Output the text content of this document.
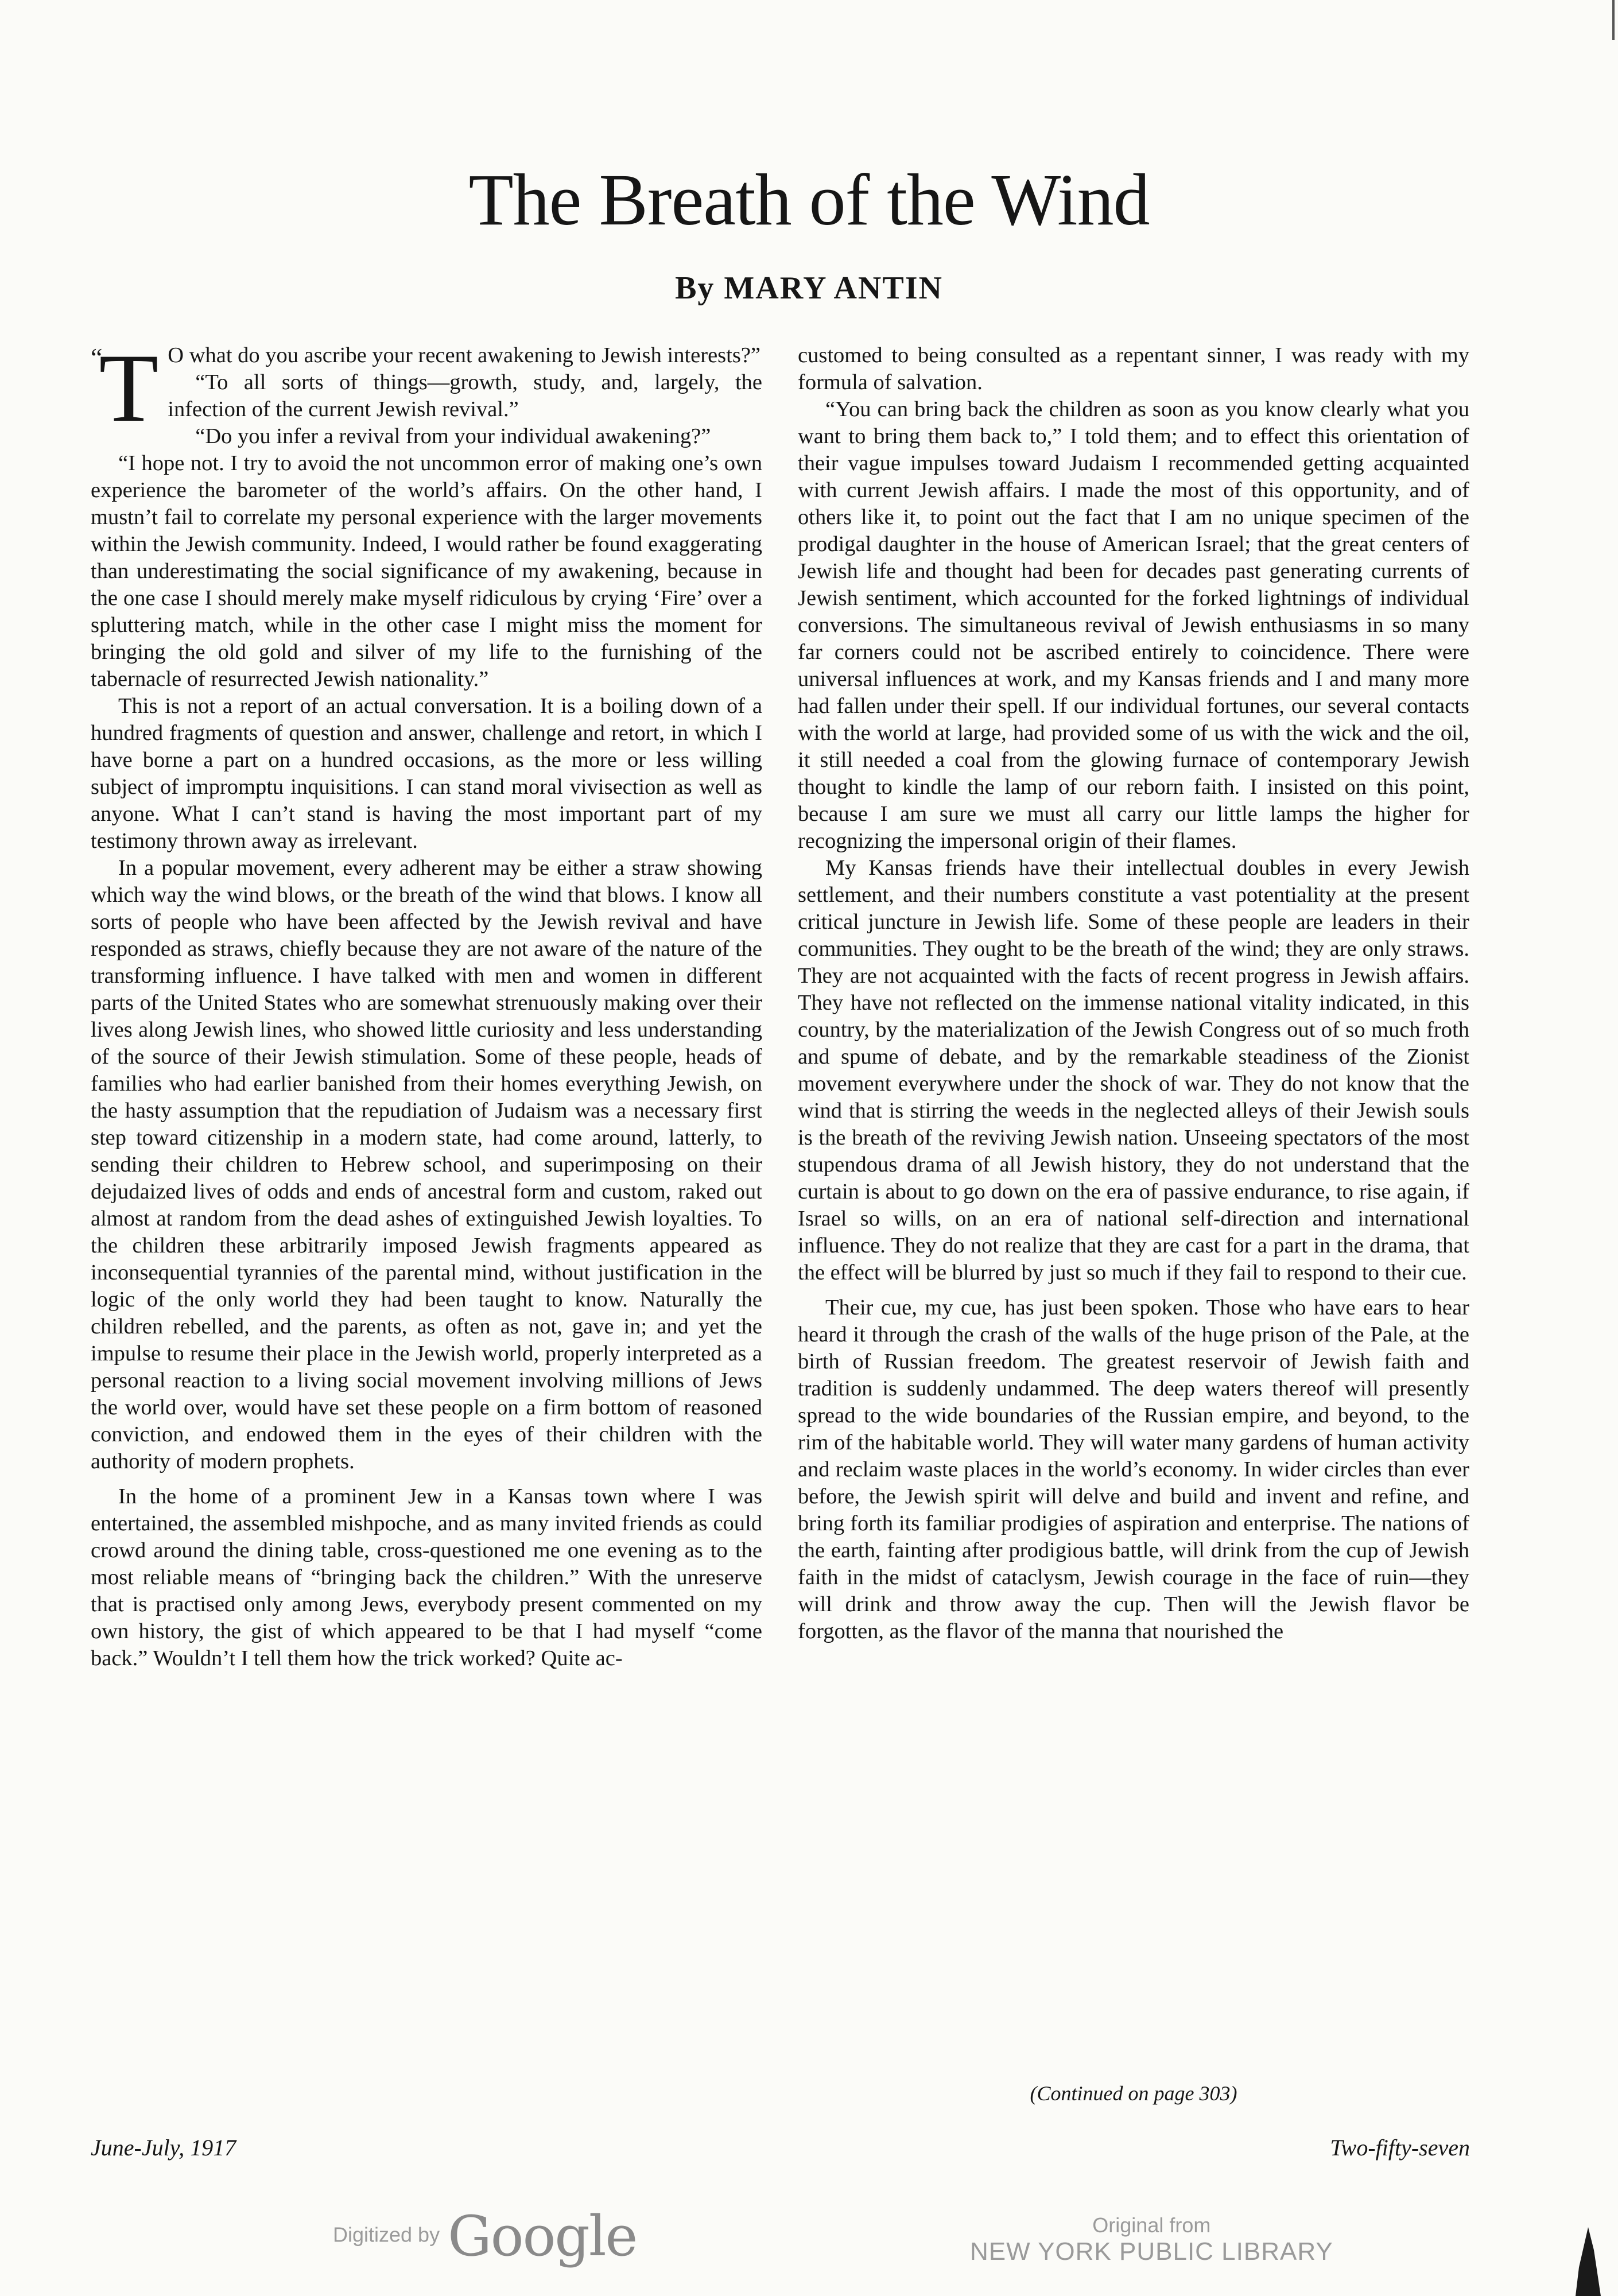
The Breath of the Wind
By MARY ANTIN

“
T O what do you ascribe your recent awakening to Jewish interests?”

“To all sorts of things—growth, study, and, largely, the infection of the current Jewish revival.”

“Do you infer a revival from your individual awakening?”

“I hope not. I try to avoid the not uncommon error of making one’s own experience the barometer of the world’s affairs. On the other hand, I mustn’t fail to correlate my personal experience with the larger movements within the Jewish community. Indeed, I would rather be found exaggerating than underestimating the social significance of my awakening, because in the one case I should merely make myself ridiculous by crying ‘Fire’ over a spluttering match, while in the other case I might miss the moment for bringing the old gold and silver of my life to the furnishing of the tabernacle of resurrected Jewish nationality.”

This is not a report of an actual conversation. It is a boiling down of a hundred fragments of question and answer, challenge and retort, in which I have borne a part on a hundred occasions, as the more or less willing subject of impromptu inquisitions. I can stand moral vivisection as well as anyone. What I can’t stand is having the most important part of my testimony thrown away as irrelevant.

In a popular movement, every adherent may be either a straw showing which way the wind blows, or the breath of the wind that blows. I know all sorts of people who have been affected by the Jewish revival and have responded as straws, chiefly because they are not aware of the nature of the transforming influence. I have talked with men and women in different parts of the United States who are somewhat strenuously making over their lives along Jewish lines, who showed little curiosity and less understanding of the source of their Jewish stimulation. Some of these people, heads of families who had earlier banished from their homes everything Jewish, on the hasty assumption that the repudiation of Judaism was a necessary first step toward citizenship in a modern state, had come around, latterly, to sending their children to Hebrew school, and superimposing on their dejudaized lives of odds and ends of ancestral form and custom, raked out almost at random from the dead ashes of extinguished Jewish loyalties. To the children these arbitrarily imposed Jewish fragments appeared as inconsequential tyrannies of the parental mind, without justification in the logic of the only world they had been taught to know. Naturally the children rebelled, and the parents, as often as not, gave in; and yet the impulse to resume their place in the Jewish world, properly interpreted as a personal reaction to a living social movement involving millions of Jews the world over, would have set these people on a firm bottom of reasoned conviction, and endowed them in the eyes of their children with the authority of modern prophets.

In the home of a prominent Jew in a Kansas town where I was entertained, the assembled mishpoche, and as many invited friends as could crowd around the dining table, cross-questioned me one evening as to the most reliable means of “bringing back the children.” With the unreserve that is practised only among Jews, everybody present commented on my own history, the gist of which appeared to be that I had myself “come back.” Wouldn’t I tell them how the trick worked? Quite ac-

customed to being consulted as a repentant sinner, I was ready with my formula of salvation.

“You can bring back the children as soon as you know clearly what you want to bring them back to,” I told them; and to effect this orientation of their vague impulses toward Judaism I recommended getting acquainted with current Jewish affairs. I made the most of this opportunity, and of others like it, to point out the fact that I am no unique specimen of the prodigal daughter in the house of American Israel; that the great centers of Jewish life and thought had been for decades past generating currents of Jewish sentiment, which accounted for the forked lightnings of individual conversions. The simultaneous revival of Jewish enthusiasms in so many far corners could not be ascribed entirely to coincidence. There were universal influences at work, and my Kansas friends and I and many more had fallen under their spell. If our individual fortunes, our several contacts with the world at large, had provided some of us with the wick and the oil, it still needed a coal from the glowing furnace of contemporary Jewish thought to kindle the lamp of our reborn faith. I insisted on this point, because I am sure we must all carry our little lamps the higher for recognizing the impersonal origin of their flames.

My Kansas friends have their intellectual doubles in every Jewish settlement, and their numbers constitute a vast potentiality at the present critical juncture in Jewish life. Some of these people are leaders in their communities. They ought to be the breath of the wind; they are only straws. They are not acquainted with the facts of recent progress in Jewish affairs. They have not reflected on the immense national vitality indicated, in this country, by the materialization of the Jewish Congress out of so much froth and spume of debate, and by the remarkable steadiness of the Zionist movement everywhere under the shock of war. They do not know that the wind that is stirring the weeds in the neglected alleys of their Jewish souls is the breath of the reviving Jewish nation. Unseeing spectators of the most stupendous drama of all Jewish history, they do not understand that the curtain is about to go down on the era of passive endurance, to rise again, if Israel so wills, on an era of national self-direction and international influence. They do not realize that they are cast for a part in the drama, that the effect will be blurred by just so much if they fail to respond to their cue.

Their cue, my cue, has just been spoken. Those who have ears to hear heard it through the crash of the walls of the huge prison of the Pale, at the birth of Russian freedom. The greatest reservoir of Jewish faith and tradition is suddenly undammed. The deep waters thereof will presently spread to the wide boundaries of the Russian empire, and beyond, to the rim of the habitable world. They will water many gardens of human activity and reclaim waste places in the world’s economy. In wider circles than ever before, the Jewish spirit will delve and build and invent and refine, and bring forth its familiar prodigies of aspiration and enterprise. The nations of the earth, fainting after prodigious battle, will drink from the cup of Jewish faith in the midst of cataclysm, Jewish courage in the face of ruin—they will drink and throw away the cup. Then will the Jewish flavor be forgotten, as the flavor of the manna that nourished the

(Continued on page 303)
June-July, 1917	Two-fifty-seven
Digitized by Google	Original from
NEW YORK PUBLIC LIBRARY
